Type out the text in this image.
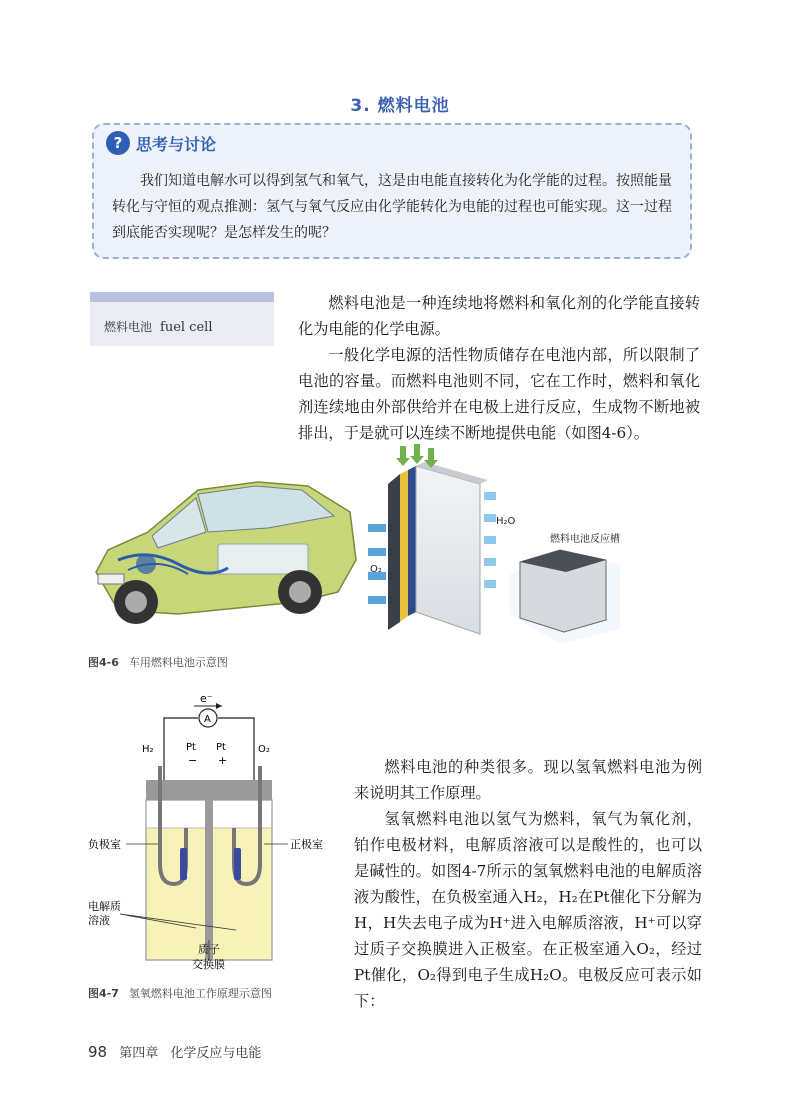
3. 燃料电池
? 思考与讨论
我们知道电解水可以得到氢气和氧气，这是由电能直接转化为化学能的过程。按照能量转化与守恒的观点推测：氢气与氧气反应由化学能转化为电能的过程也可能实现。这一过程到底能否实现呢？是怎样发生的呢？
燃料电池 fuel cell
燃料电池是一种连续地将燃料和氧化剂的化学能直接转化为电能的化学电源。
一般化学电源的活性物质储存在电池内部，所以限制了电池的容量。而燃料电池则不同，它在工作时，燃料和氧化剂连续地由外部供给并在电极上进行反应，生成物不断地被排出，于是就可以连续不断地提供电能（如图4-6）。
H₂O
O₂
燃料电池反应槽
图4-6 车用燃料电池示意图
A
e⁻
H₂	Pt
−
Pt
+
O₂
负极室	正极室
电解质
溶液
质子
交换膜
图4-7 氢氧燃料电池工作原理示意图
燃料电池的种类很多。现以氢氧燃料电池为例来说明其工作原理。
氢氧燃料电池以氢气为燃料，氧气为氧化剂，铂作电极材料，电解质溶液可以是酸性的，也可以是碱性的。如图4-7所示的氢氧燃料电池的电解质溶液为酸性，在负极室通入H₂，H₂在Pt催化下分解为H，H失去电子成为H⁺进入电解质溶液，H⁺可以穿过质子交换膜进入正极室。在正极室通入O₂，经过Pt催化，O₂得到电子生成H₂O。电极反应可表示如下：
98 第四章 化学反应与电能
